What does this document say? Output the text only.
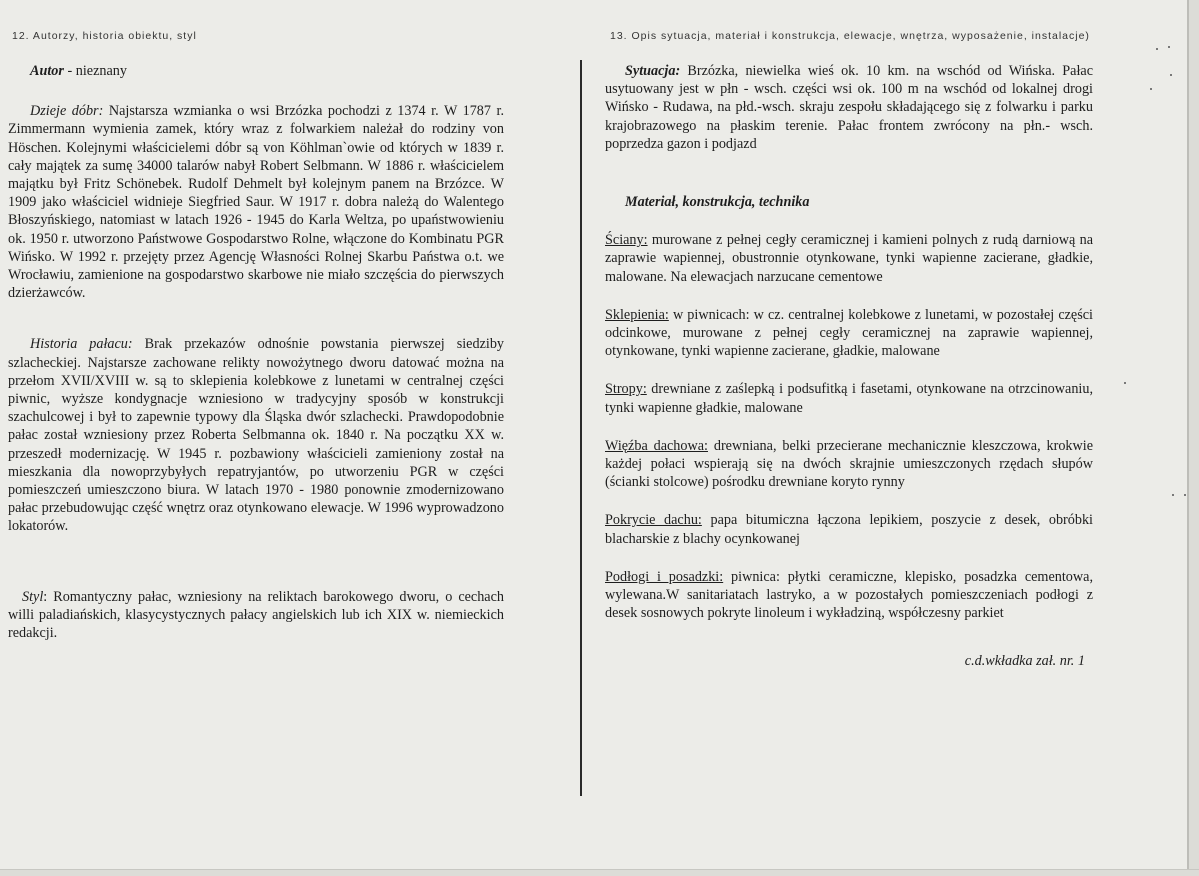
12. Autorzy, historia obiektu, styl

Autor - nieznany

Dzieje dóbr: Najstarsza wzmianka o wsi Brzózka pochodzi z 1374 r. W 1787 r. Zimmermann wymienia zamek, który wraz z folwarkiem należał do rodziny von Höschen. Kolejnymi właścicielemi dóbr są von Köhlman`owie od których w 1839 r. cały majątek za sumę 34000 talarów nabył Robert Selbmann. W 1886 r. właścicielem majątku był Fritz Schönebek. Rudolf Dehmelt był kolejnym panem na Brzózce. W 1909 jako właściciel widnieje Siegfried Saur. W 1917 r. dobra należą do Walentego Błoszyńskiego, natomiast w latach 1926 - 1945 do Karla Weltza, po upaństwowieniu ok. 1950 r. utworzono Państwowe Gospodarstwo Rolne, włączone do Kombinatu PGR Wińsko. W 1992 r. przejęty przez Agencję Własności Rolnej Skarbu Państwa o.t. we Wrocławiu, zamienione na gospodarstwo skarbowe nie miało szczęścia do pierwszych dzierżawców.

Historia pałacu: Brak przekazów odnośnie powstania pierwszej siedziby szlacheckiej. Najstarsze zachowane relikty nowożytnego dworu datować można na przełom XVII/XVIII w. są to sklepienia kolebkowe z lunetami w centralnej części piwnic, wyższe kondygnacje wzniesiono w tradycyjny sposób w konstrukcji szachulcowej i był to zapewnie typowy dla Śląska dwór szlachecki. Prawdopodobnie pałac został wzniesiony przez Roberta Selbmanna ok. 1840 r. Na początku XX w. przeszedł modernizację. W 1945 r. pozbawiony właścicieli zamieniony został na mieszkania dla nowoprzybyłych repatryjantów, po utworzeniu PGR w części pomieszczeń umieszczono biura. W latach 1970 - 1980 ponownie zmodernizowano pałac przebudowując część wnętrz oraz otynkowano elewacje. W 1996 wyprowadzono lokatorów.

Styl: Romantyczny pałac, wzniesiony na reliktach barokowego dworu, o cechach willi paladiańskich, klasycystycznych pałacy angielskich lub ich XIX w. niemieckich redakcji.

13. Opis sytuacja, materiał i konstrukcja, elewacje, wnętrza, wyposażenie, instalacje)

Sytuacja: Brzózka, niewielka wieś ok. 10 km. na wschód od Wińska. Pałac usytuowany jest w płn - wsch. części wsi ok. 100 m na wschód od lokalnej drogi Wińsko - Rudawa, na płd.-wsch. skraju zespołu składającego się z folwarku i parku krajobrazowego na płaskim terenie. Pałac frontem zwrócony na płn.- wsch. poprzedza gazon i podjazd

Materiał, konstrukcja, technika

Ściany: murowane z pełnej cegły ceramicznej i kamieni polnych z rudą darniową na zaprawie wapiennej, obustronnie otynkowane, tynki wapienne zacierane, gładkie, malowane. Na elewacjach narzucane cementowe

Sklepienia: w piwnicach: w cz. centralnej kolebkowe z lunetami, w pozostałej części odcinkowe, murowane z pełnej cegły ceramicznej na zaprawie wapiennej, otynkowane, tynki wapienne zacierane, gładkie, malowane

Stropy: drewniane z zaślepką i podsufitką i fasetami, otynkowane na otrzcinowaniu, tynki wapienne gładkie, malowane

Więźba dachowa: drewniana, belki przecierane mechanicznie kleszczowa, krokwie każdej połaci wspierają się na dwóch skrajnie umieszczonych rzędach słupów (ścianki stolcowe) pośrodku drewniane koryto rynny

Pokrycie dachu: papa bitumiczna łączona lepikiem, poszycie z desek, obróbki blacharskie z blachy ocynkowanej

Podłogi i posadzki: piwnica: płytki ceramiczne, klepisko, posadzka cementowa, wylewana.W sanitariatach lastryko, a w pozostałych pomieszczeniach podłogi z desek sosnowych pokryte linoleum i wykładziną, współczesny parkiet

c.d.wkładka zał. nr. 1
